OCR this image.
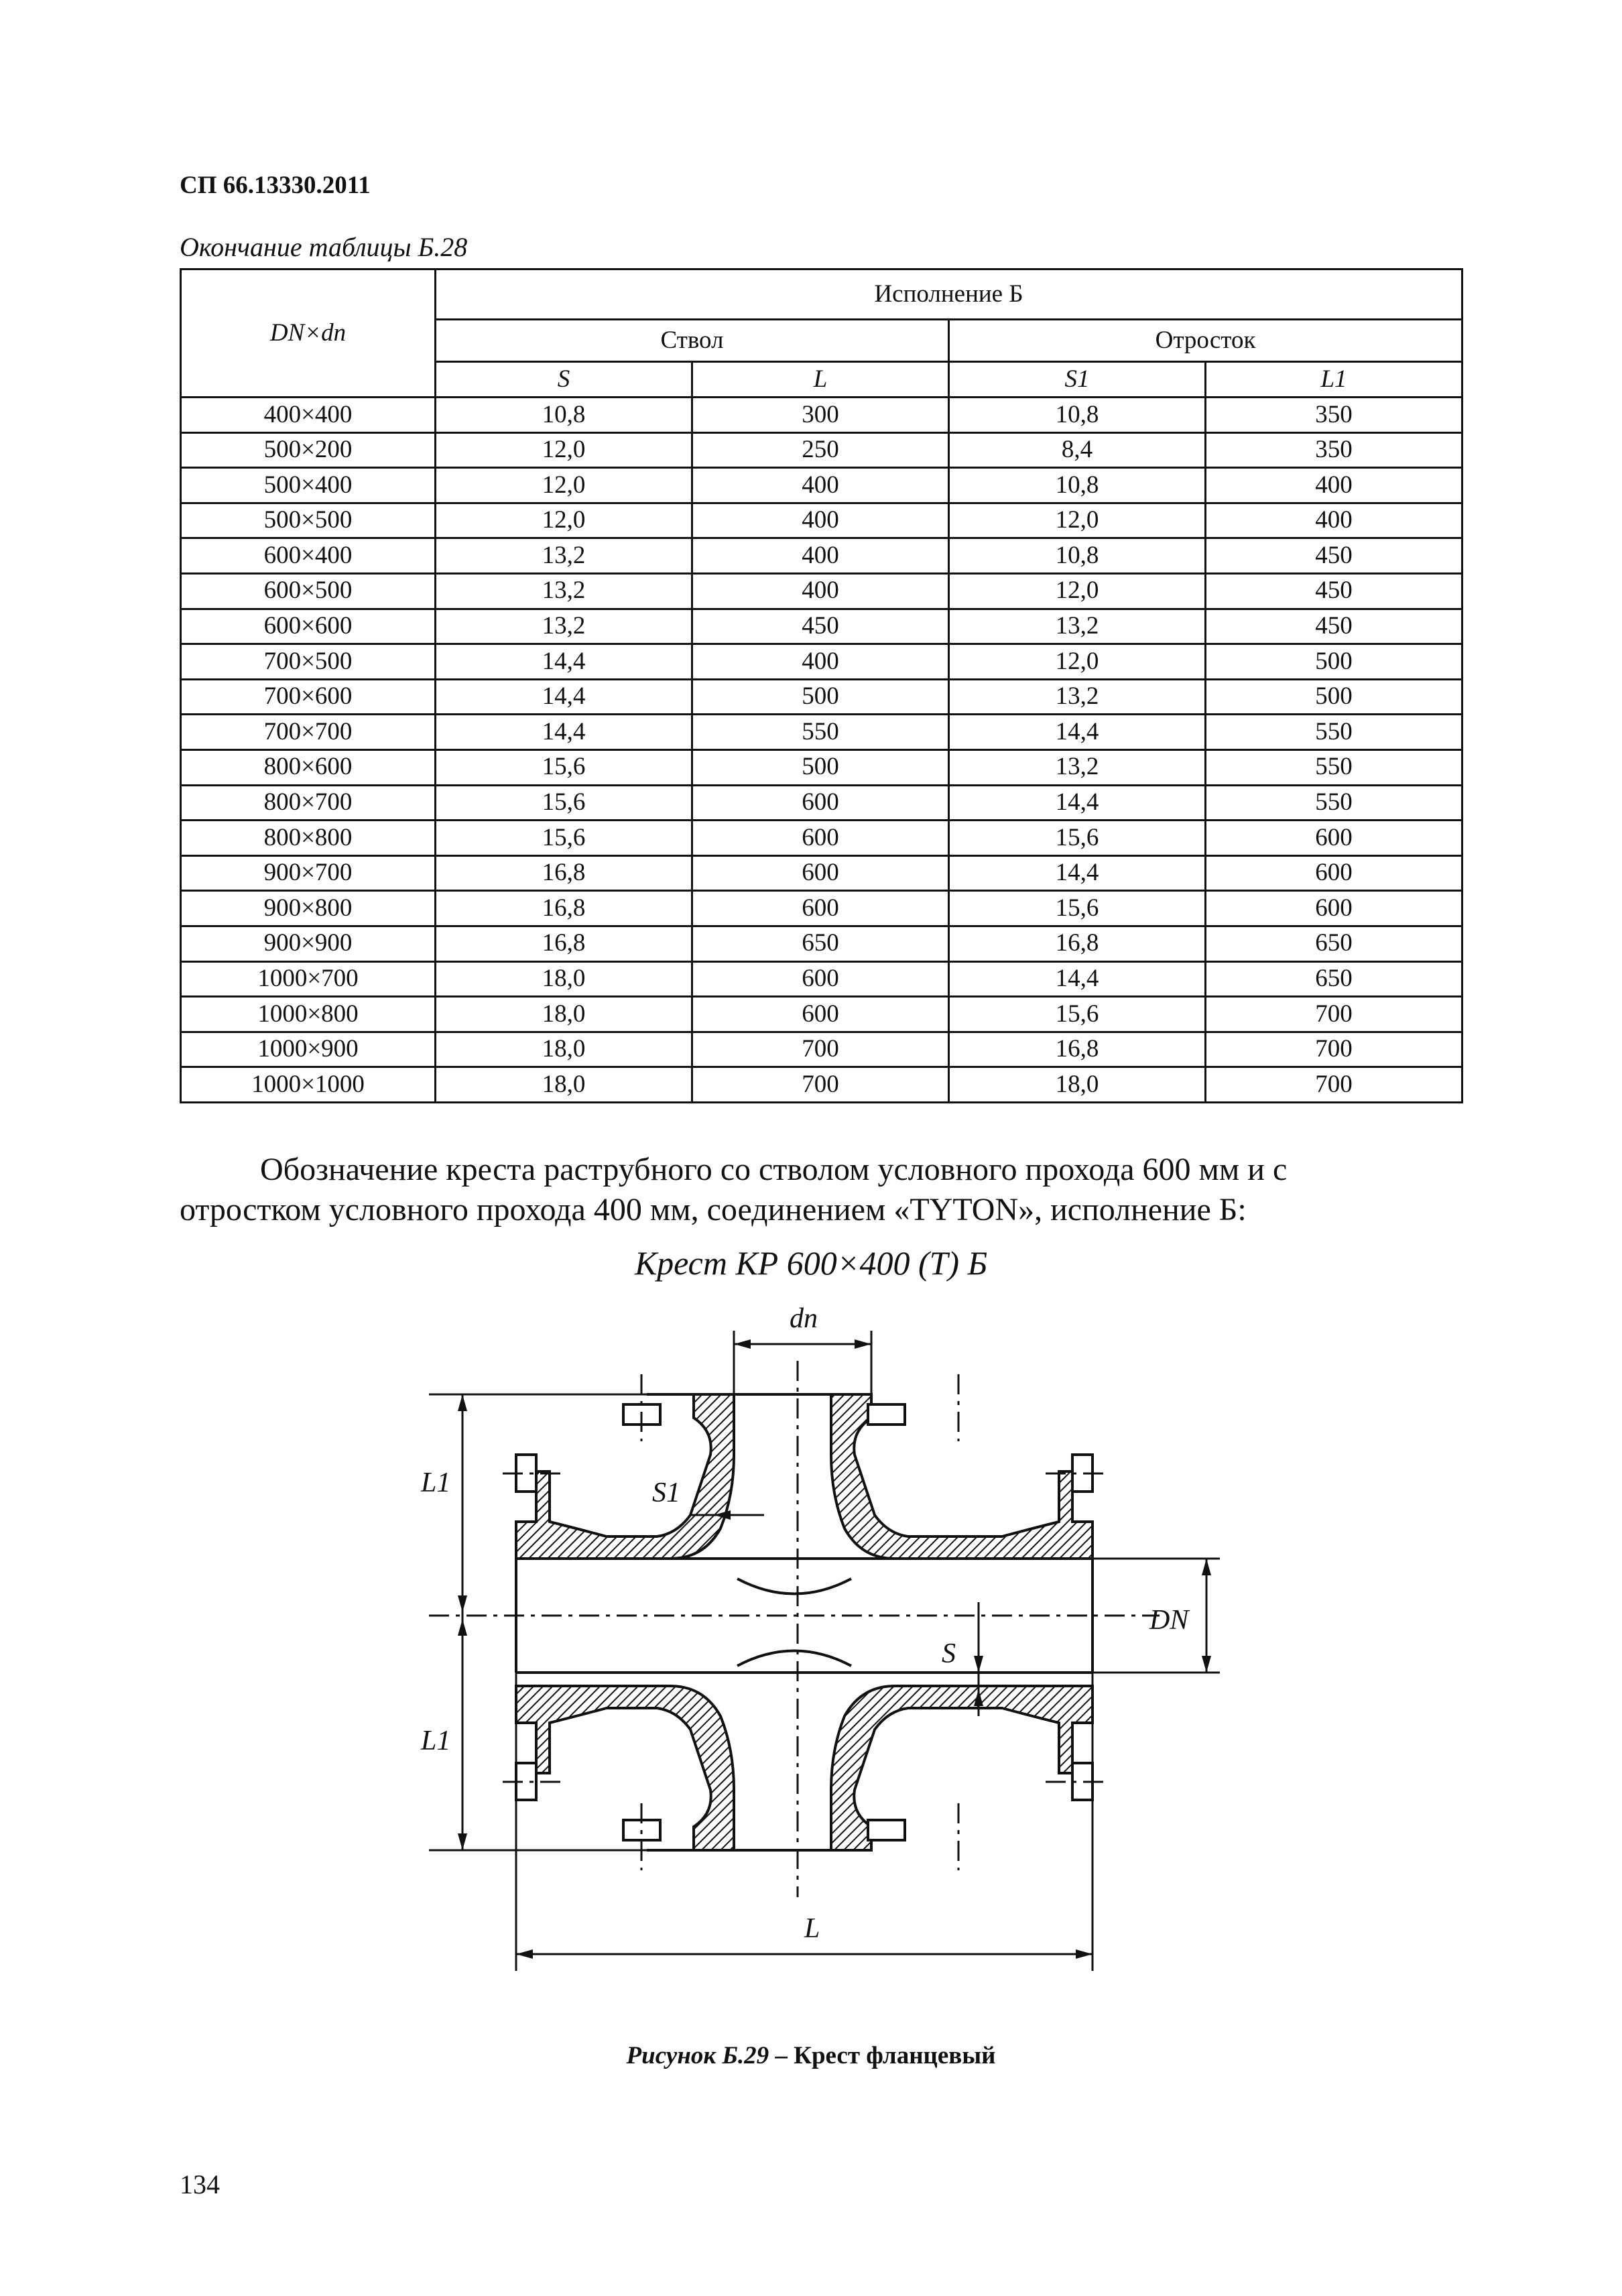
СП 66.13330.2011
Окончание таблицы Б.28
DN×dn	Исполнение Б			
	Ствол		Отросток	
	S	L	S1	L1
400×400	10,8	300	10,8	350
500×200	12,0	250	8,4	350
500×400	12,0	400	10,8	400
500×500	12,0	400	12,0	400
600×400	13,2	400	10,8	450
600×500	13,2	400	12,0	450
600×600	13,2	450	13,2	450
700×500	14,4	400	12,0	500
700×600	14,4	500	13,2	500
700×700	14,4	550	14,4	550
800×600	15,6	500	13,2	550
800×700	15,6	600	14,4	550
800×800	15,6	600	15,6	600
900×700	16,8	600	14,4	600
900×800	16,8	600	15,6	600
900×900	16,8	650	16,8	650
1000×700	18,0	600	14,4	650
1000×800	18,0	600	15,6	700
1000×900	18,0	700	16,8	700
1000×1000	18,0	700	18,0	700

Обозначение креста раструбного со стволом условного прохода 600 мм и с

отростком условного прохода 400 мм, соединением «TYTON», исполнение Б:

Крест КР 600×400 (Т) Б
dn
S1
L1
L1
S
DN
L
Рисунок Б.29 – Крест фланцевый
134
